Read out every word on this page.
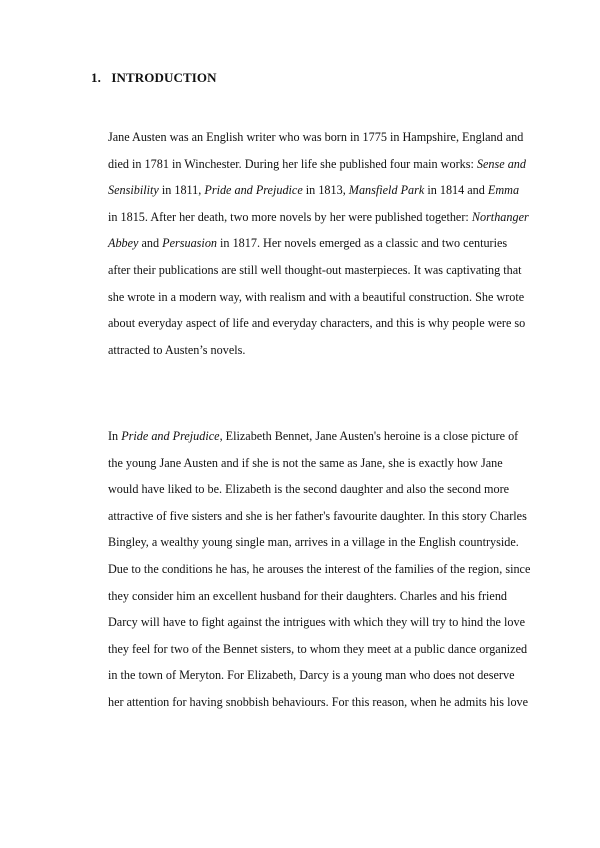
1. INTRODUCTION
Jane Austen was an English writer who was born in 1775 in Hampshire, England and
died in 1781 in Winchester. During her life she published four main works: Sense and
Sensibility in 1811, Pride and Prejudice in 1813, Mansfield Park in 1814 and Emma
in 1815. After her death, two more novels by her were published together: Northanger
Abbey and Persuasion in 1817. Her novels emerged as a classic and two centuries
after their publications are still well thought-out masterpieces. It was captivating that
she wrote in a modern way, with realism and with a beautiful construction. She wrote
about everyday aspect of life and everyday characters, and this is why people were so
attracted to Austen’s novels.
In Pride and Prejudice, Elizabeth Bennet, Jane Austen's heroine is a close picture of
the young Jane Austen and if she is not the same as Jane, she is exactly how Jane
would have liked to be. Elizabeth is the second daughter and also the second more
attractive of five sisters and she is her father's favourite daughter. In this story Charles
Bingley, a wealthy young single man, arrives in a village in the English countryside.
Due to the conditions he has, he arouses the interest of the families of the region, since
they consider him an excellent husband for their daughters. Charles and his friend
Darcy will have to fight against the intrigues with which they will try to hind the love
they feel for two of the Bennet sisters, to whom they meet at a public dance organized
in the town of Meryton. For Elizabeth, Darcy is a young man who does not deserve
her attention for having snobbish behaviours. For this reason, when he admits his love
